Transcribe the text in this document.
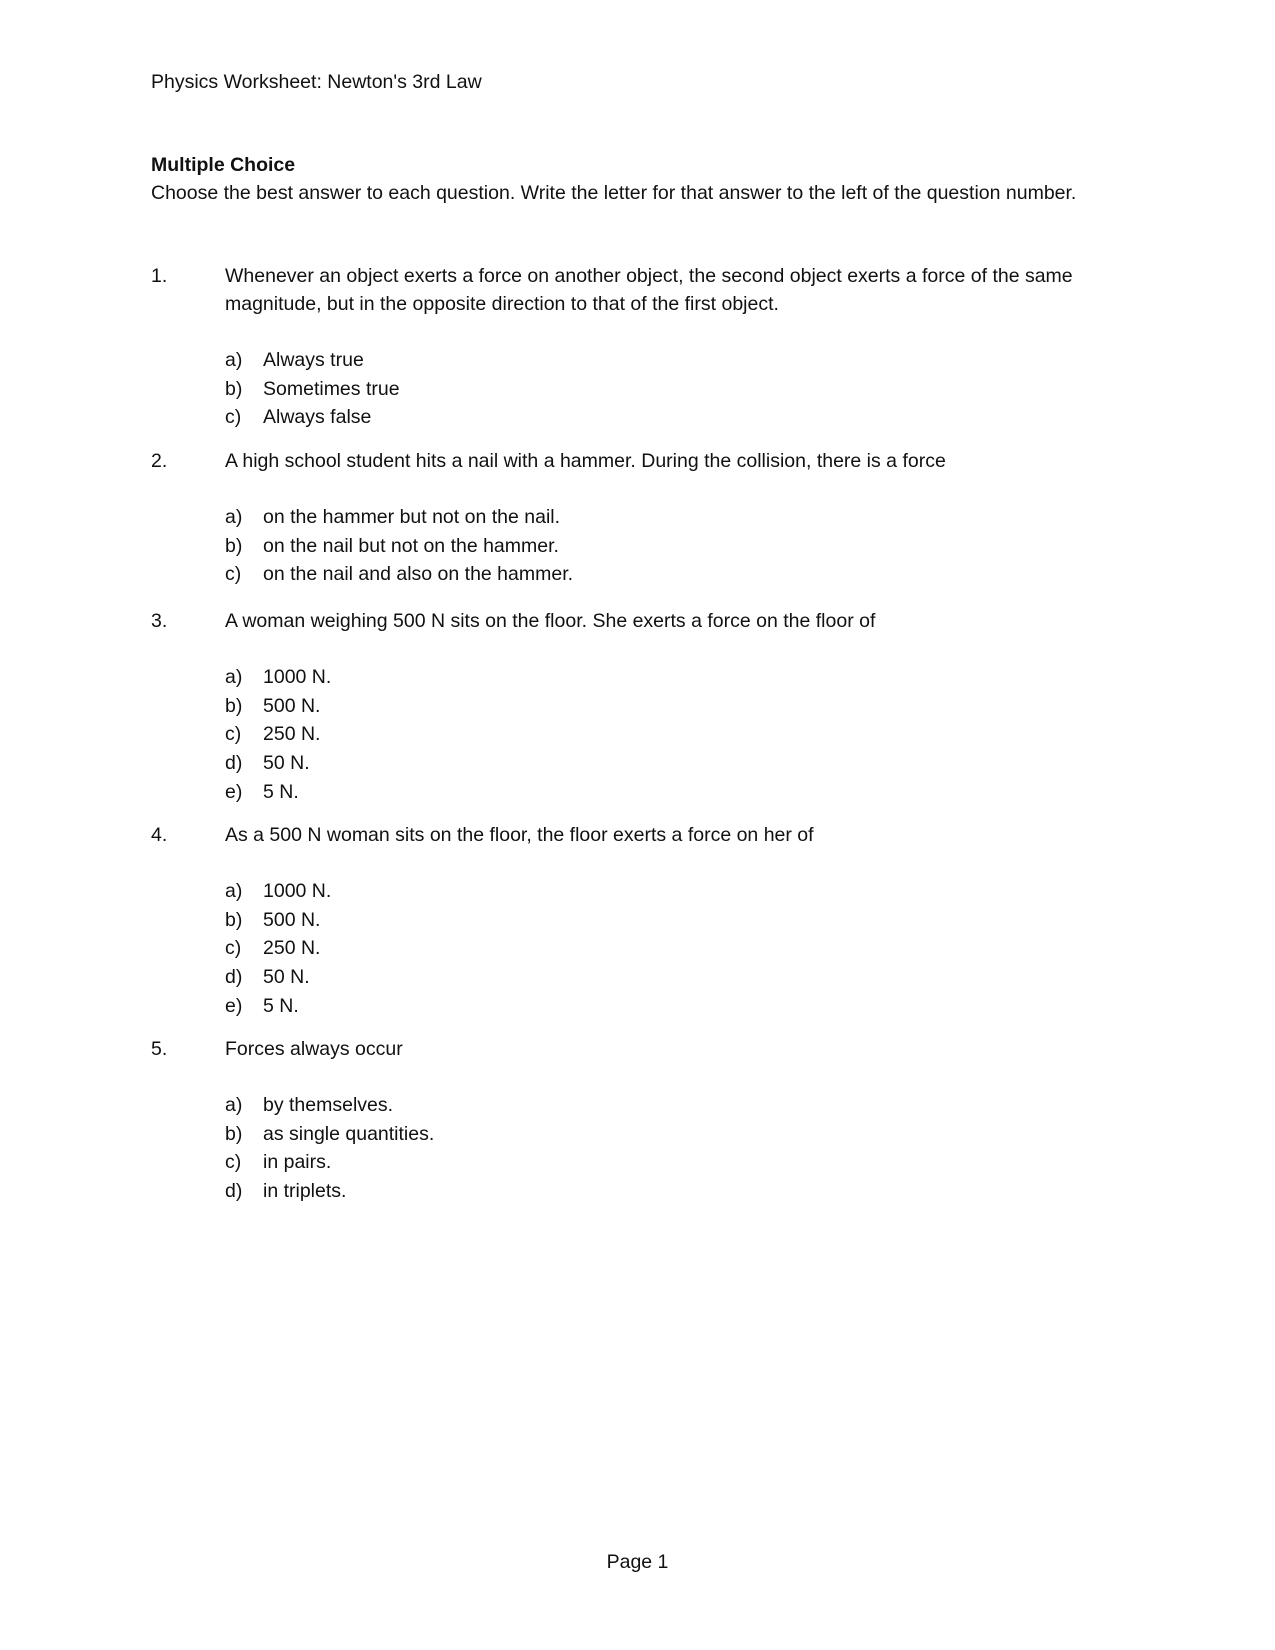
Physics Worksheet: Newton's 3rd Law
Multiple Choice
Choose the best answer to each question. Write the letter for that answer to the left of the question number.
1.	Whenever an object exerts a force on another object, the second object exerts a force of the same magnitude, but in the opposite direction to that of the first object.
a) Always true
b) Sometimes true
c) Always false
2.	A high school student hits a nail with a hammer. During the collision, there is a force
a) on the hammer but not on the nail.
b) on the nail but not on the hammer.
c) on the nail and also on the hammer.
3.	A woman weighing 500 N sits on the floor. She exerts a force on the floor of
a) 1000 N.
b) 500 N.
c) 250 N.
d) 50 N.
e) 5 N.
4.	As a 500 N woman sits on the floor, the floor exerts a force on her of
a) 1000 N.
b) 500 N.
c) 250 N.
d) 50 N.
e) 5 N.
5.	Forces always occur
a) by themselves.
b) as single quantities.
c) in pairs.
d) in triplets.
Page 1
